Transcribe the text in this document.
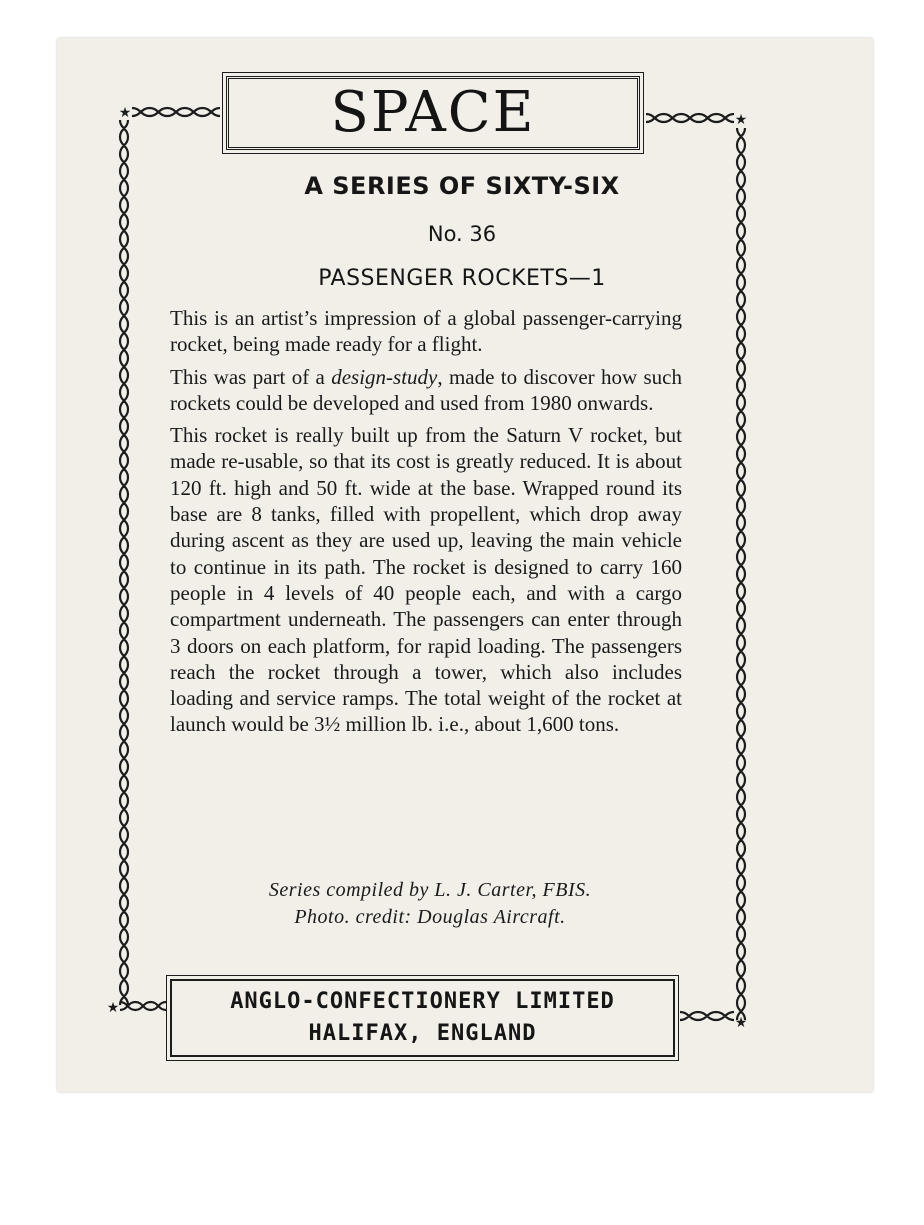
★	★
★
★
SPACE
A SERIES OF SIXTY-SIX
No. 36
PASSENGER ROCKETS—1

This is an artist’s impression of a global passenger-carrying rocket, being made ready for a flight.

This was part of a design-study, made to discover how such rockets could be developed and used from 1980 onwards.

This rocket is really built up from the Saturn V rocket, but made re-usable, so that its cost is greatly reduced. It is about 120 ft. high and 50 ft. wide at the base. Wrapped round its base are 8 tanks, filled with propellent, which drop away during ascent as they are used up, leaving the main vehicle to continue in its path. The rocket is designed to carry 160 people in 4 levels of 40 people each, and with a cargo compartment underneath. The passengers can enter through 3 doors on each platform, for rapid loading. The passengers reach the rocket through a tower, which also includes loading and service ramps. The total weight of the rocket at launch would be 3½ million lb. i.e., about 1,600 tons.

Series compiled by L. J. Carter, FBIS.
Photo. credit: Douglas Aircraft.
ANGLO-CONFECTIONERY LIMITED
HALIFAX, ENGLAND
